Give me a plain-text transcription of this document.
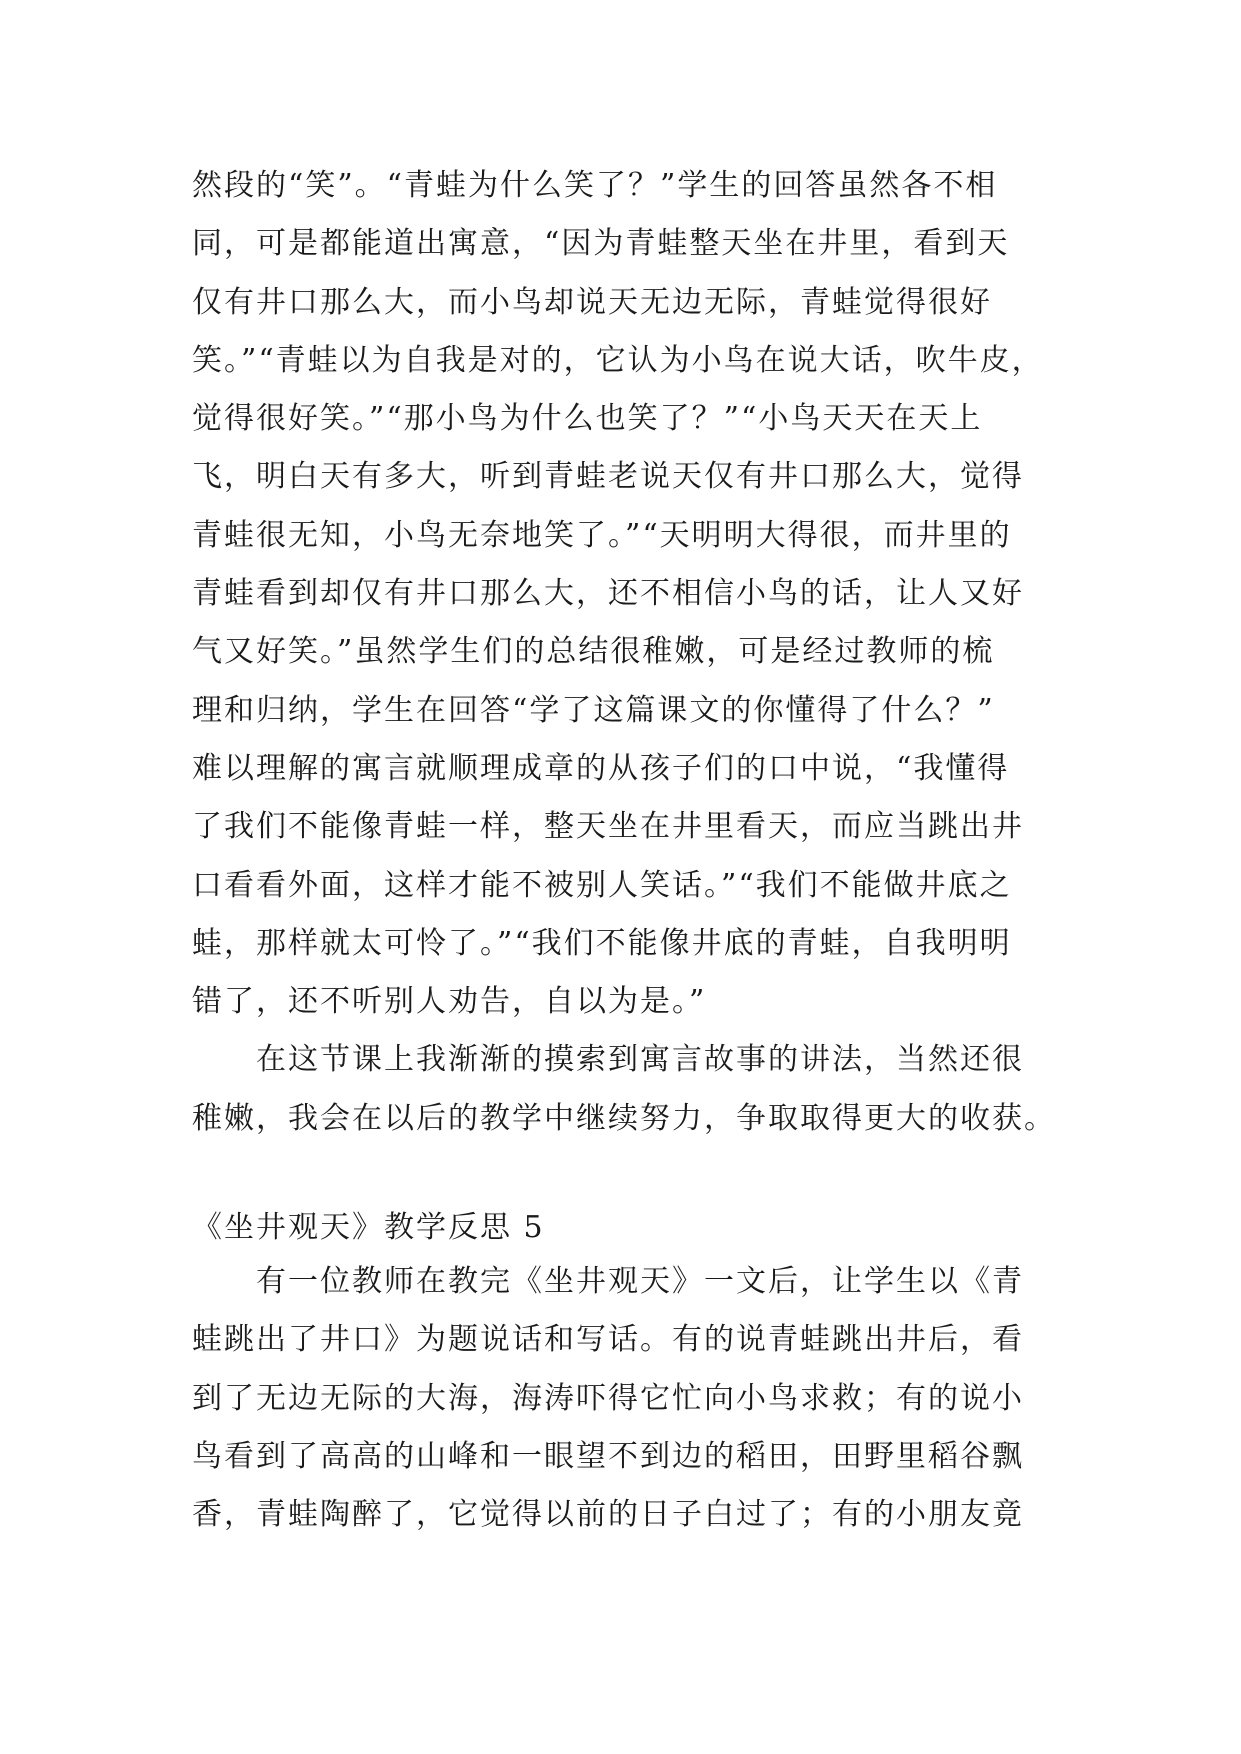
然段的“笑”。“青蛙为什么笑了？”学生的回答虽然各不相
同，可是都能道出寓意，“因为青蛙整天坐在井里，看到天
仅有井口那么大，而小鸟却说天无边无际，青蛙觉得很好
笑。”“青蛙以为自我是对的，它认为小鸟在说大话，吹牛皮，
觉得很好笑。”“那小鸟为什么也笑了？”“小鸟天天在天上
飞，明白天有多大，听到青蛙老说天仅有井口那么大，觉得
青蛙很无知，小鸟无奈地笑了。”“天明明大得很，而井里的
青蛙看到却仅有井口那么大，还不相信小鸟的话，让人又好
气又好笑。”虽然学生们的总结很稚嫩，可是经过教师的梳
理和归纳，学生在回答“学了这篇课文的你懂得了什么？”
难以理解的寓言就顺理成章的从孩子们的口中说，“我懂得
了我们不能像青蛙一样，整天坐在井里看天，而应当跳出井
口看看外面，这样才能不被别人笑话。”“我们不能做井底之
蛙，那样就太可怜了。”“我们不能像井底的青蛙，自我明明
错了，还不听别人劝告，自以为是。”
在这节课上我渐渐的摸索到寓言故事的讲法，当然还很
稚嫩，我会在以后的教学中继续努力，争取取得更大的收获。
《坐井观天》教学反思 5
有一位教师在教完《坐井观天》一文后，让学生以《青
蛙跳出了井口》为题说话和写话。有的说青蛙跳出井后，看
到了无边无际的大海，海涛吓得它忙向小鸟求救；有的说小
鸟看到了高高的山峰和一眼望不到边的稻田，田野里稻谷飘
香，青蛙陶醉了，它觉得以前的日子白过了；有的小朋友竟
